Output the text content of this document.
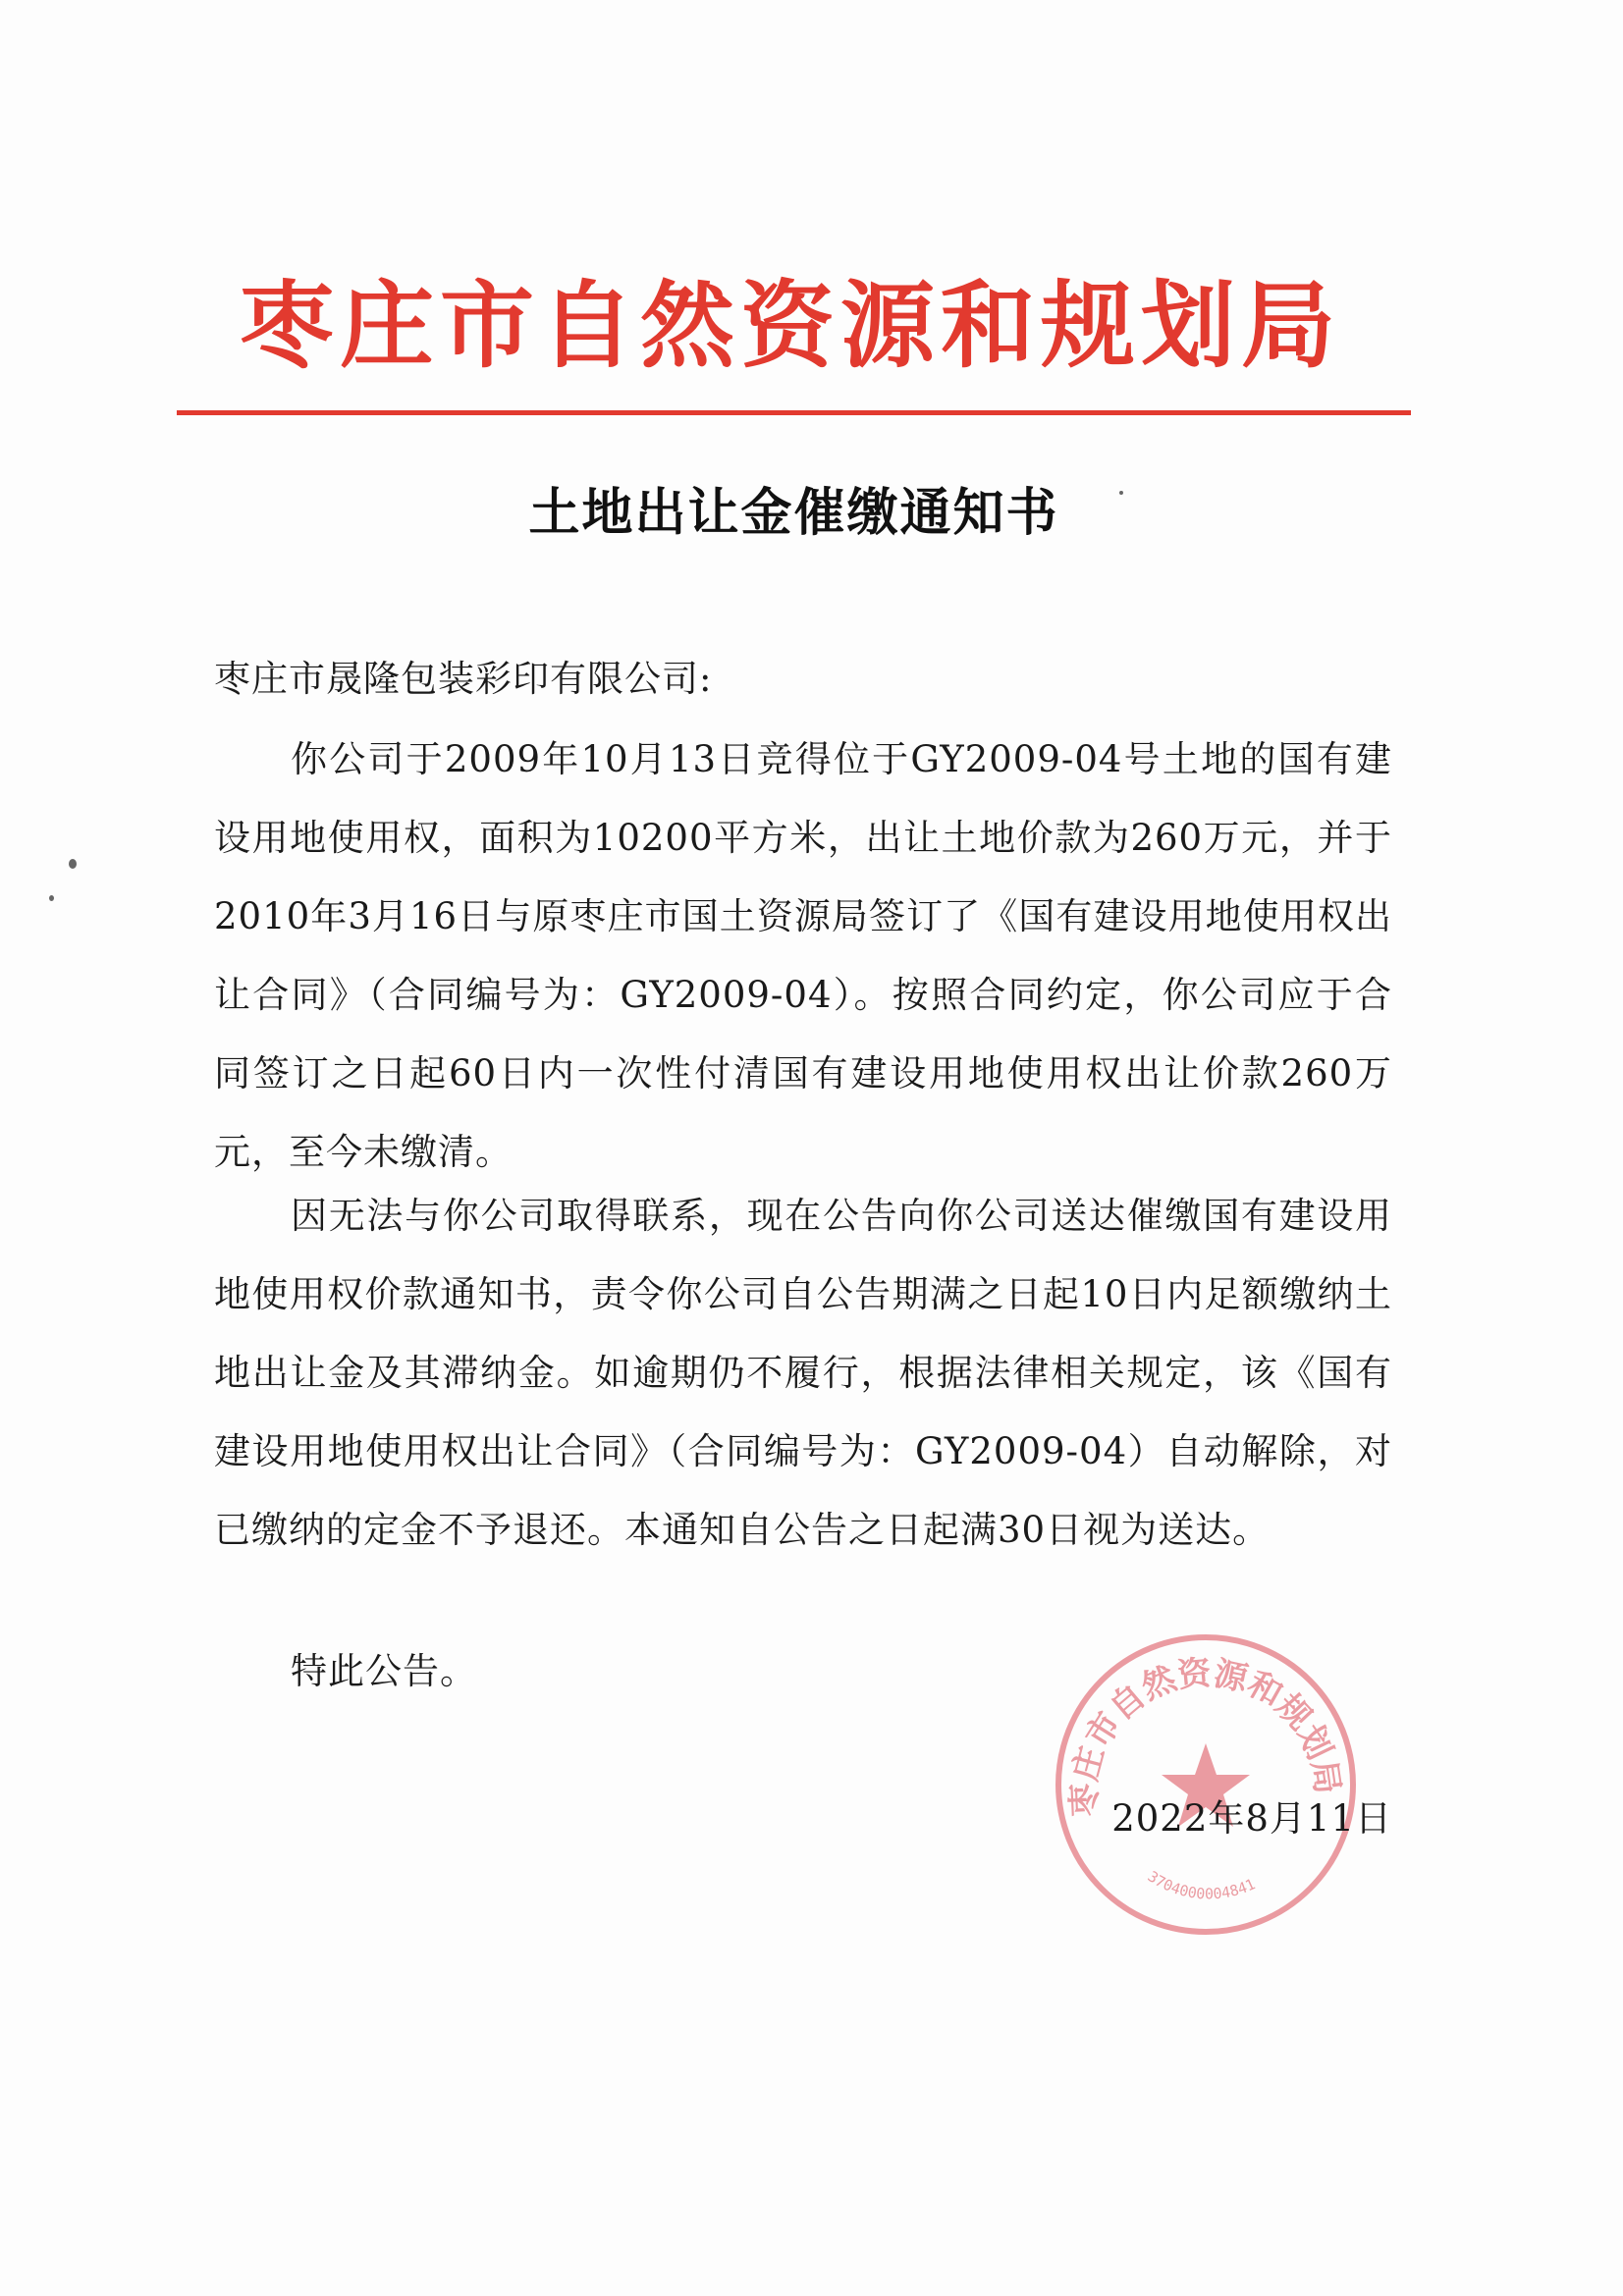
枣庄市自然资源和规划局
土地出让金催缴通知书
枣庄市晟隆包装彩印有限公司:
你公司于2009年10月13日竞得位于GY2009-04号土地的国有建设用地使用权，面积为10200平方米，出让土地价款为260万元，并于2010年3月16日与原枣庄市国土资源局签订了《国有建设用地使用权出让合同》（合同编号为：GY2009-04）。按照合同约定，你公司应于合同签订之日起60日内一次性付清国有建设用地使用权出让价款260万元，至今未缴清。
因无法与你公司取得联系，现在公告向你公司送达催缴国有建设用地使用权价款通知书，责令你公司自公告期满之日起10日内足额缴纳土地出让金及其滞纳金。如逾期仍不履行，根据法律相关规定，该《国有建设用地使用权出让合同》（合同编号为：GY2009-04）自动解除，对已缴纳的定金不予退还。本通知自公告之日起满30日视为送达。
特此公告。
枣庄市自然资源和规划局
3704000004841
2022年8月11日
